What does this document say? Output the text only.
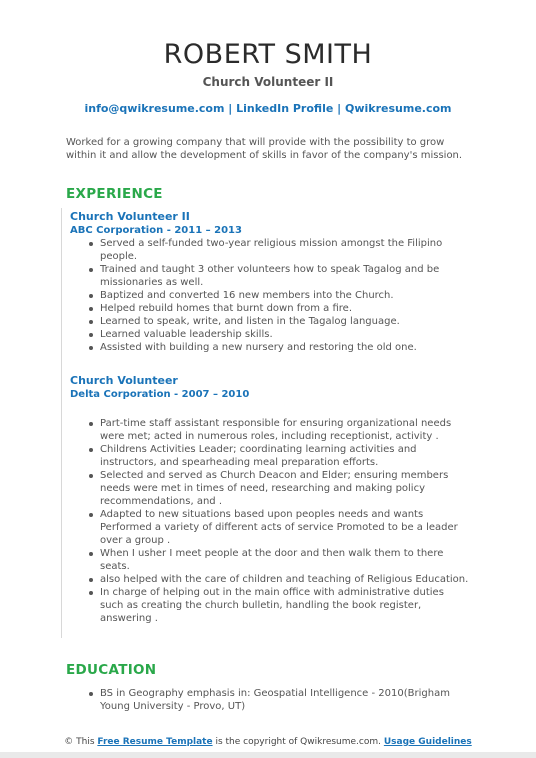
ROBERT SMITH
Church Volunteer II
info@qwikresume.com | LinkedIn Profile | Qwikresume.com
Worked for a growing company that will provide with the possibility to grow within it and allow the development of skills in favor of the company's mission.
EXPERIENCE
Church Volunteer II
ABC Corporation - 2011 – 2013
Served a self-funded two-year religious mission amongst the Filipino people.
Trained and taught 3 other volunteers how to speak Tagalog and be missionaries as well.
Baptized and converted 16 new members into the Church.
Helped rebuild homes that burnt down from a fire.
Learned to speak, write, and listen in the Tagalog language.
Learned valuable leadership skills.
Assisted with building a new nursery and restoring the old one.
Church Volunteer
Delta Corporation - 2007 – 2010
Part-time staff assistant responsible for ensuring organizational needs were met; acted in numerous roles, including receptionist, activity .
Childrens Activities Leader; coordinating learning activities and instructors, and spearheading meal preparation efforts.
Selected and served as Church Deacon and Elder; ensuring members needs were met in times of need, researching and making policy recommendations, and .
Adapted to new situations based upon peoples needs and wants Performed a variety of different acts of service Promoted to be a leader over a group .
When I usher I meet people at the door and then walk them to there seats.
also helped with the care of children and teaching of Religious Education.
In charge of helping out in the main office with administrative duties such as creating the church bulletin, handling the book register, answering .
EDUCATION
BS in Geography emphasis in: Geospatial Intelligence - 2010(Brigham Young University - Provo, UT)
© This Free Resume Template is the copyright of Qwikresume.com. Usage Guidelines
